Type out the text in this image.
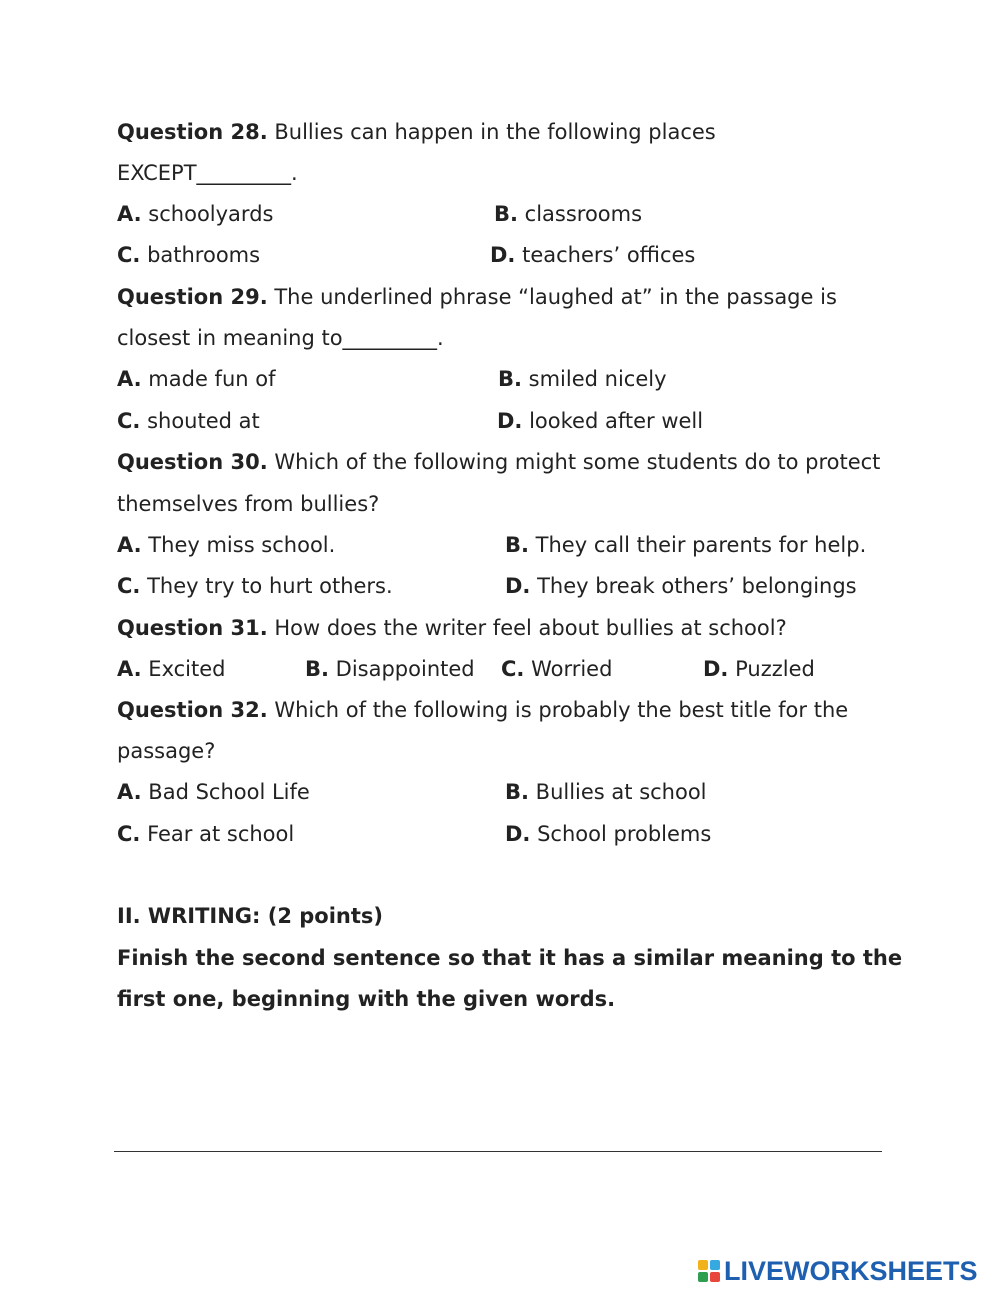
Question 28. Bullies can happen in the following places
EXCEPT_________.
A. schoolyards	B. classrooms
C. bathrooms	D. teachers’ offices
Question 29. The underlined phrase “laughed at” in the passage is
closest in meaning to_________.
A. made fun of	B. smiled nicely
C. shouted at	D. looked after well
Question 30. Which of the following might some students do to protect
themselves from bullies?
A. They miss school.	B. They call their parents for help.
C. They try to hurt others.	D. They break others’ belongings
Question 31. How does the writer feel about bullies at school?
A. Excited	B. Disappointed C. Worried	D. Puzzled
Question 32. Which of the following is probably the best title for the
passage?
A. Bad School Life	B. Bullies at school
C. Fear at school	D. School problems
II. WRITING: (2 points)
Finish the second sentence so that it has a similar meaning to the
first one, beginning with the given words.
LIVEWORKSHEETS
